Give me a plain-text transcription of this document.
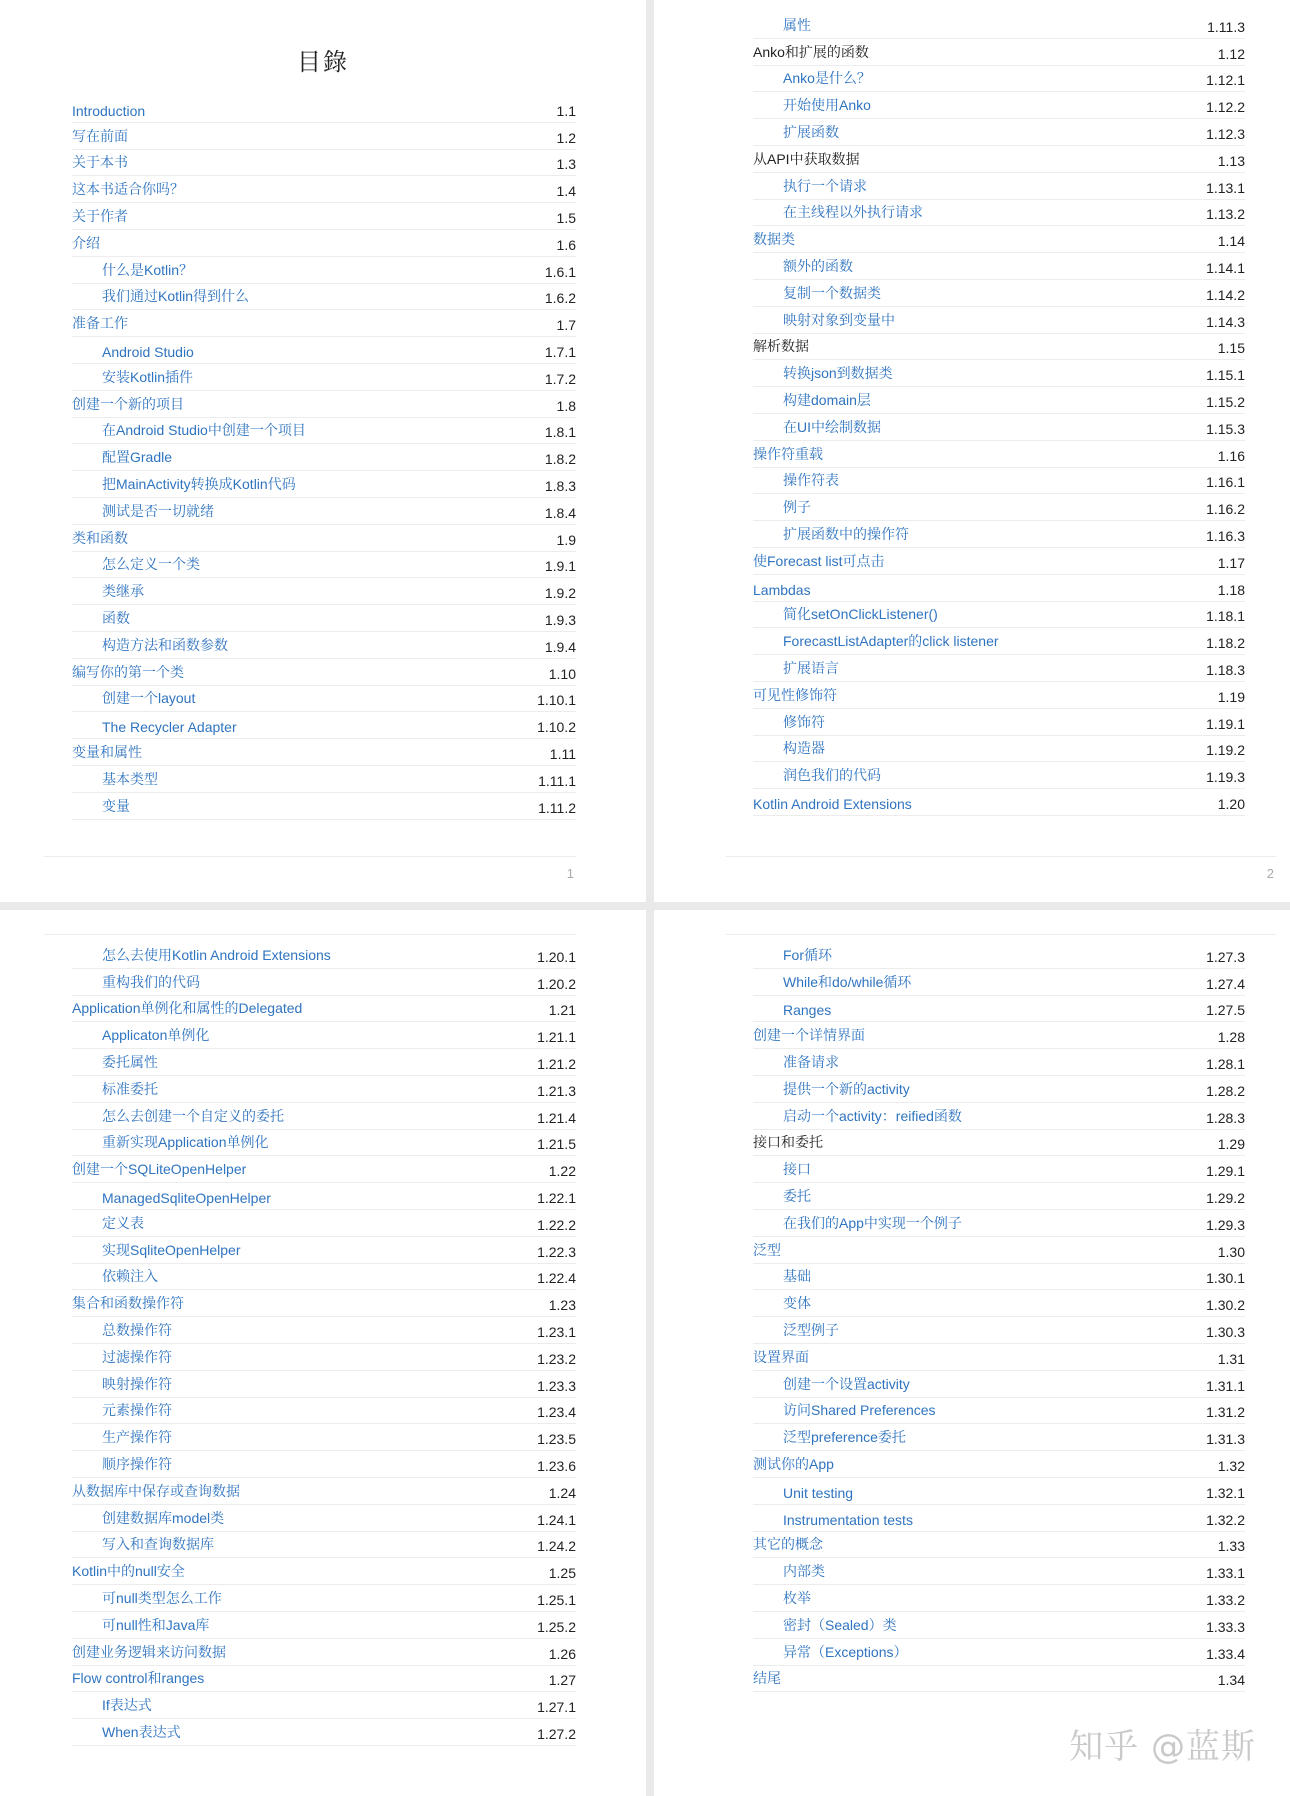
目錄
Introduction	1.1
写在前面	1.2
关于本书	1.3
这本书适合你吗？	1.4
关于作者	1.5
介绍	1.6
什么是Kotlin？	1.6.1
我们通过Kotlin得到什么	1.6.2
准备工作	1.7
Android Studio	1.7.1
安装Kotlin插件	1.7.2
创建一个新的项目	1.8
在Android Studio中创建一个项目	1.8.1
配置Gradle	1.8.2
把MainActivity转换成Kotlin代码	1.8.3
测试是否一切就绪	1.8.4
类和函数	1.9
怎么定义一个类	1.9.1
类继承	1.9.2
函数	1.9.3
构造方法和函数参数	1.9.4
编写你的第一个类	1.10
创建一个layout	1.10.1
The Recycler Adapter	1.10.2
变量和属性	1.11
基本类型	1.11.1
变量	1.11.2
1
属性	1.11.3
Anko和扩展的函数	1.12
Anko是什么？	1.12.1
开始使用Anko	1.12.2
扩展函数	1.12.3
从API中获取数据	1.13
执行一个请求	1.13.1
在主线程以外执行请求	1.13.2
数据类	1.14
额外的函数	1.14.1
复制一个数据类	1.14.2
映射对象到变量中	1.14.3
解析数据	1.15
转换json到数据类	1.15.1
构建domain层	1.15.2
在UI中绘制数据	1.15.3
操作符重载	1.16
操作符表	1.16.1
例子	1.16.2
扩展函数中的操作符	1.16.3
使Forecast list可点击	1.17
Lambdas	1.18
简化setOnClickListener()	1.18.1
ForecastListAdapter的click listener	1.18.2
扩展语言	1.18.3
可见性修饰符	1.19
修饰符	1.19.1
构造器	1.19.2
润色我们的代码	1.19.3
Kotlin Android Extensions	1.20
2
怎么去使用Kotlin Android Extensions	1.20.1
重构我们的代码	1.20.2
Application单例化和属性的Delegated	1.21
Applicaton单例化	1.21.1
委托属性	1.21.2
标准委托	1.21.3
怎么去创建一个自定义的委托	1.21.4
重新实现Application单例化	1.21.5
创建一个SQLiteOpenHelper	1.22
ManagedSqliteOpenHelper	1.22.1
定义表	1.22.2
实现SqliteOpenHelper	1.22.3
依赖注入	1.22.4
集合和函数操作符	1.23
总数操作符	1.23.1
过滤操作符	1.23.2
映射操作符	1.23.3
元素操作符	1.23.4
生产操作符	1.23.5
顺序操作符	1.23.6
从数据库中保存或查询数据	1.24
创建数据库model类	1.24.1
写入和查询数据库	1.24.2
Kotlin中的null安全	1.25
可null类型怎么工作	1.25.1
可null性和Java库	1.25.2
创建业务逻辑来访问数据	1.26
Flow control和ranges	1.27
If表达式	1.27.1
When表达式	1.27.2
For循环	1.27.3
While和do/while循环	1.27.4
Ranges	1.27.5
创建一个详情界面	1.28
准备请求	1.28.1
提供一个新的activity	1.28.2
启动一个activity：reified函数	1.28.3
接口和委托	1.29
接口	1.29.1
委托	1.29.2
在我们的App中实现一个例子	1.29.3
泛型	1.30
基础	1.30.1
变体	1.30.2
泛型例子	1.30.3
设置界面	1.31
创建一个设置activity	1.31.1
访问Shared Preferences	1.31.2
泛型preference委托	1.31.3
测试你的App	1.32
Unit testing	1.32.1
Instrumentation tests	1.32.2
其它的概念	1.33
内部类	1.33.1
枚举	1.33.2
密封（Sealed）类	1.33.3
异常（Exceptions）	1.33.4
结尾	1.34
知乎 @蓝斯
